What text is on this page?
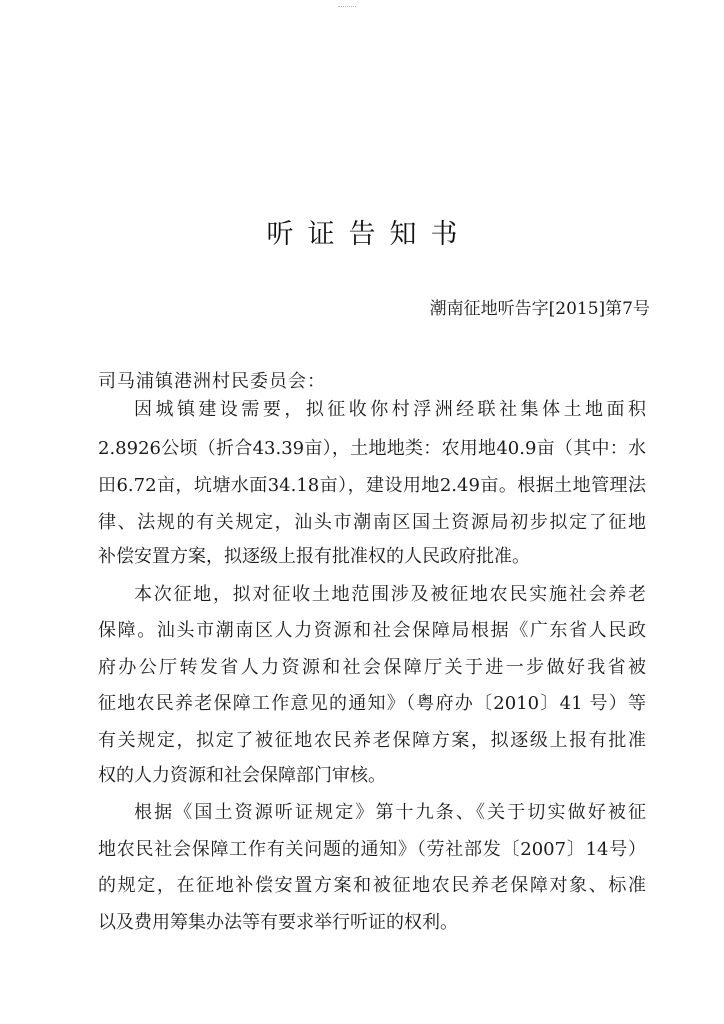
听证告知书
潮南征地听告字[2015]第7号
司马浦镇港洲村民委员会：
因城镇建设需要，拟征收你村浮洲经联社集体土地面积
2.8926公顷（折合43.39亩），土地地类：农用地40.9亩（其中：水
田6.72亩，坑塘水面34.18亩），建设用地2.49亩。根据土地管理法
律、法规的有关规定，汕头市潮南区国土资源局初步拟定了征地
补偿安置方案，拟逐级上报有批准权的人民政府批准。
本次征地，拟对征收土地范围涉及被征地农民实施社会养老
保障。汕头市潮南区人力资源和社会保障局根据《广东省人民政
府办公厅转发省人力资源和社会保障厅关于进一步做好我省被
征地农民养老保障工作意见的通知》（粤府办〔2010〕41 号）等
有关规定，拟定了被征地农民养老保障方案，拟逐级上报有批准
权的人力资源和社会保障部门审核。
根据《国土资源听证规定》第十九条、《关于切实做好被征
地农民社会保障工作有关问题的通知》（劳社部发〔2007〕14号）
的规定，在征地补偿安置方案和被征地农民养老保障对象、标准
以及费用筹集办法等有要求举行听证的权利。
